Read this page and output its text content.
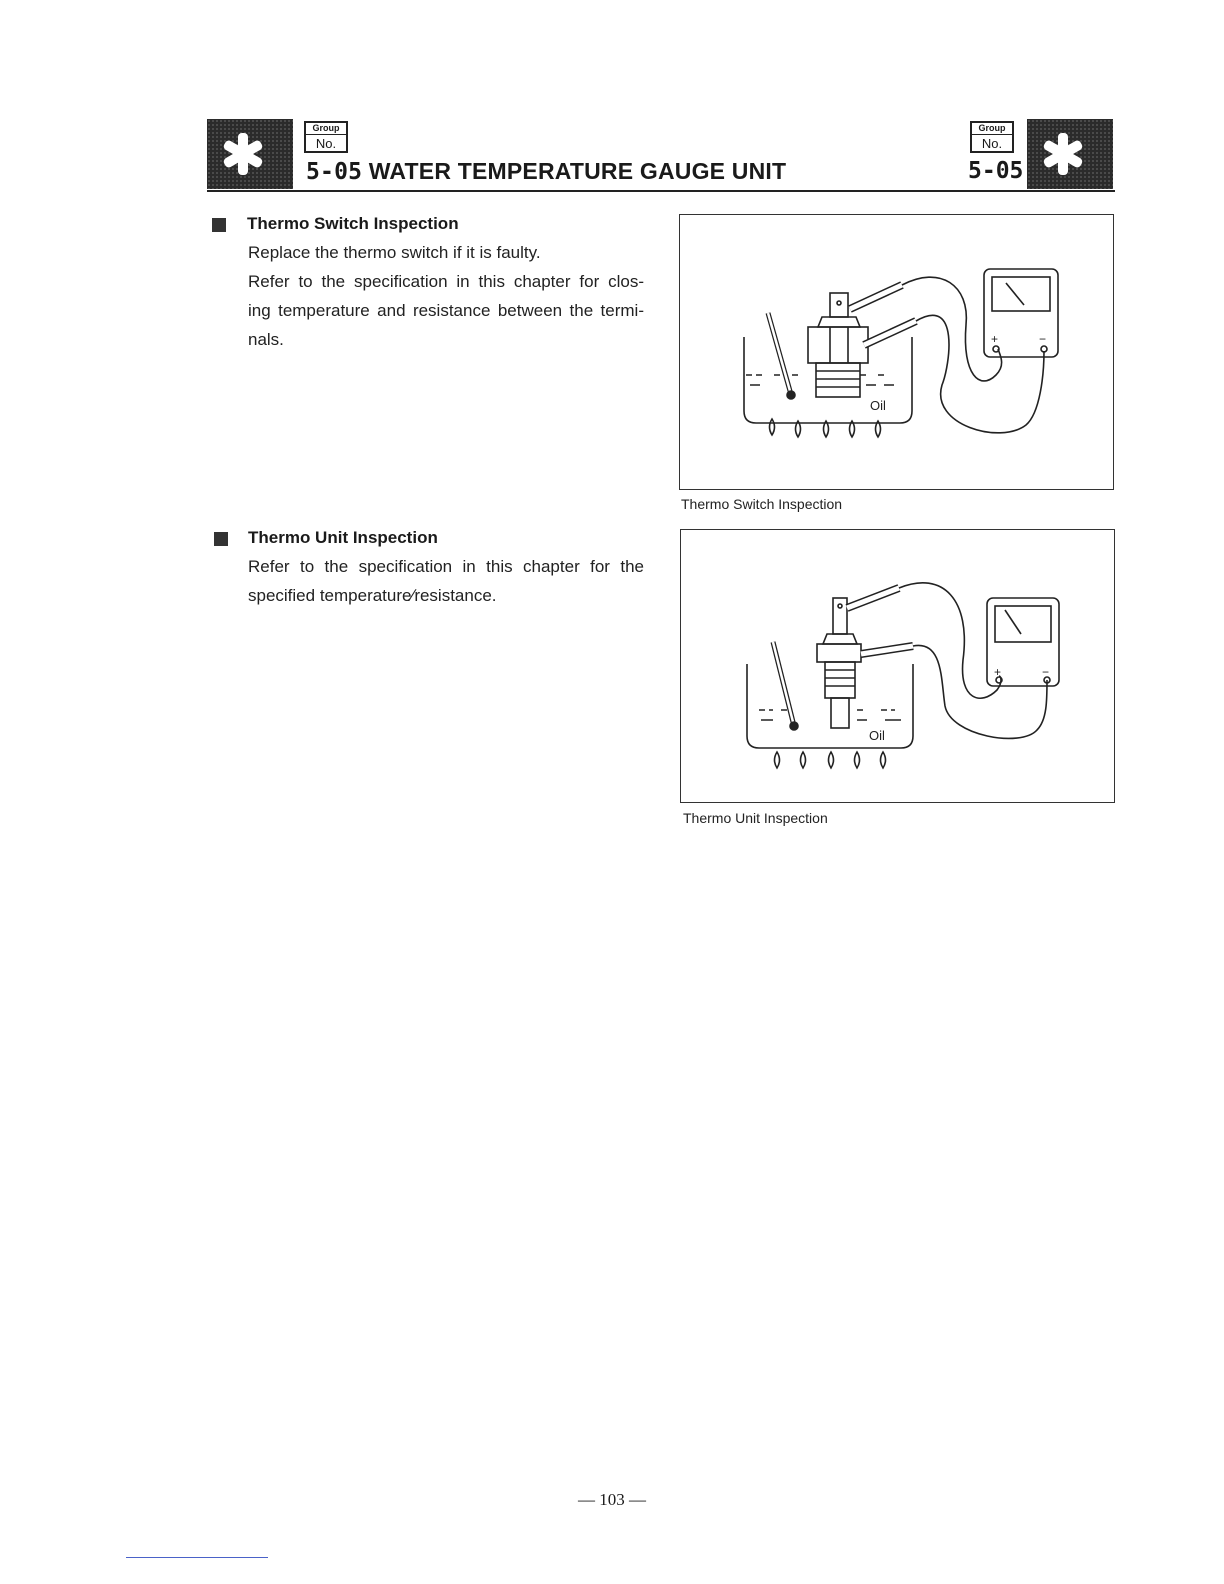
Group
No.
5-05 WATER TEMPERATURE GAUGE UNIT
Group
No.
5-05
Thermo Switch Inspection
Replace the thermo switch if it is faulty.
Refer to the specification in this chapter for clos-
ing temperature and resistance between the termi-
nals.
Thermo Unit Inspection
Refer to the specification in this chapter for the
specified temperature∕resistance.
Oil
+	−
Thermo Switch Inspection
Oil
+	−
Thermo Unit Inspection
— 103 —
